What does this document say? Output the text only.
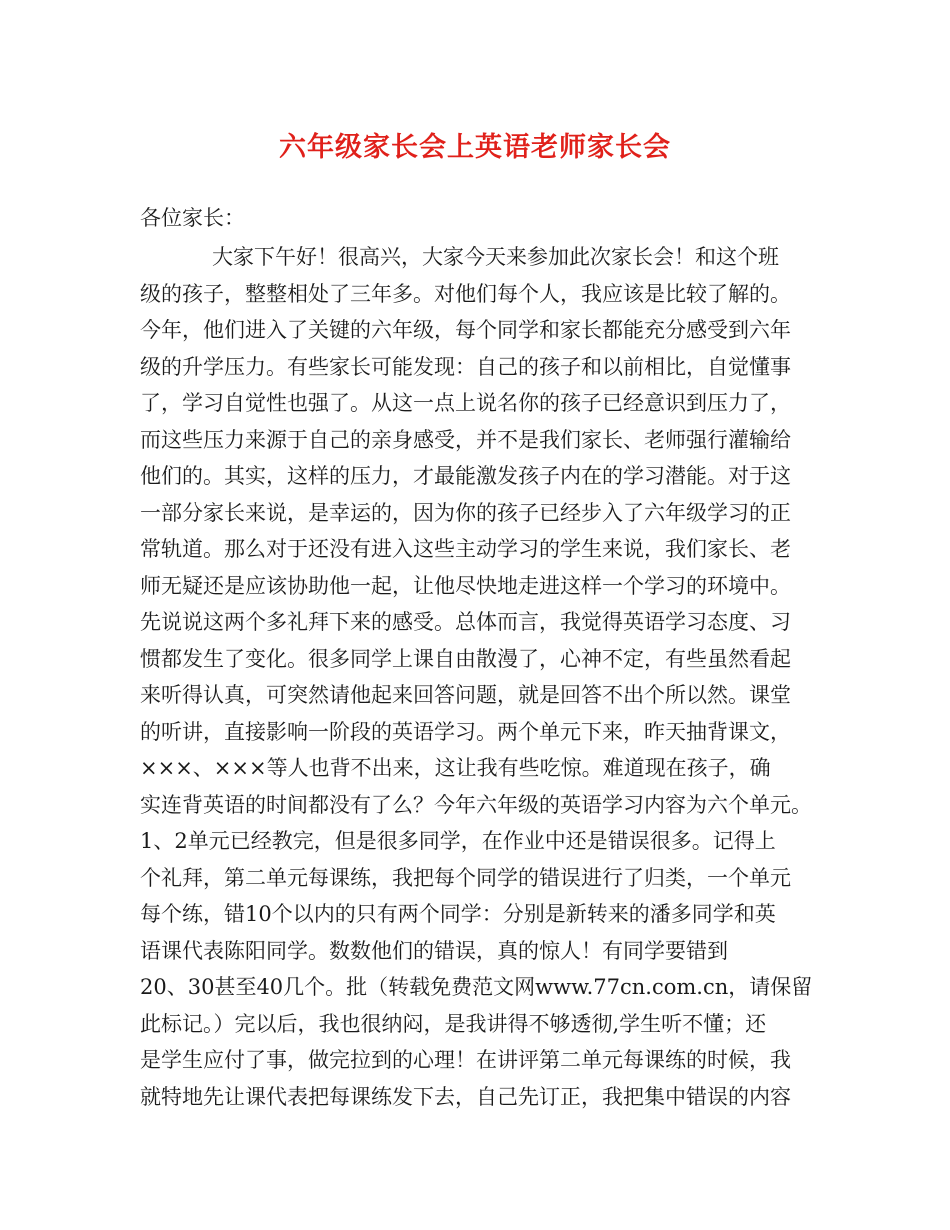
六年级家长会上英语老师家长会
各位家长：
大家下午好！很高兴，大家今天来参加此次家长会！和这个班
级的孩子，整整相处了三年多。对他们每个人，我应该是比较了解的。
今年，他们进入了关键的六年级，每个同学和家长都能充分感受到六年
级的升学压力。有些家长可能发现：自己的孩子和以前相比，自觉懂事
了，学习自觉性也强了。从这一点上说名你的孩子已经意识到压力了，
而这些压力来源于自己的亲身感受，并不是我们家长、老师强行灌输给
他们的。其实，这样的压力，才最能激发孩子内在的学习潜能。对于这
一部分家长来说，是幸运的，因为你的孩子已经步入了六年级学习的正
常轨道。那么对于还没有进入这些主动学习的学生来说，我们家长、老
师无疑还是应该协助他一起，让他尽快地走进这样一个学习的环境中。
先说说这两个多礼拜下来的感受。总体而言，我觉得英语学习态度、习
惯都发生了变化。很多同学上课自由散漫了，心神不定，有些虽然看起
来听得认真，可突然请他起来回答问题，就是回答不出个所以然。课堂
的听讲，直接影响一阶段的英语学习。两个单元下来，昨天抽背课文，
×××、×××等人也背不出来，这让我有些吃惊。难道现在孩子，确
实连背英语的时间都没有了么？今年六年级的英语学习内容为六个单元。
1、2单元已经教完，但是很多同学，在作业中还是错误很多。记得上
个礼拜，第二单元每课练，我把每个同学的错误进行了归类，一个单元
每个练，错10个以内的只有两个同学：分别是新转来的潘多同学和英
语课代表陈阳同学。数数他们的错误，真的惊人！有同学要错到
20、30甚至40几个。批（转载免费范文网www.77cn.com.cn，请保留
此标记。）完以后，我也很纳闷，是我讲得不够透彻,学生听不懂；还
是学生应付了事，做完拉到的心理！在讲评第二单元每课练的时候，我
就特地先让课代表把每课练发下去，自己先订正，我把集中错误的内容
